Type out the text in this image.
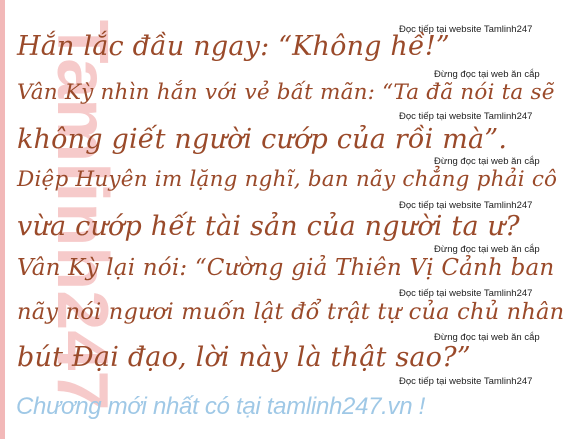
Tamlinh247	Đọc tiếp tại website Tamlinh247
Đừng đọc tại web ăn cắp
Đọc tiếp tại website Tamlinh247
Đừng đọc tại web ăn cắp
Đọc tiếp tại website Tamlinh247
Đừng đọc tại web ăn cắp
Đọc tiếp tại website Tamlinh247
Đừng đọc tại web ăn cắp
Đọc tiếp tại website Tamlinh247
Hắn lắc đầu ngay: “Không hề!”
Vân Kỳ nhìn hắn với vẻ bất mãn: “Ta đã nói ta sẽ
không giết người cướp của rồi mà”.
Diệp Huyên im lặng nghĩ, ban nãy chẳng phải cô
vừa cướp hết tài sản của người ta ư?
Vân Kỳ lại nói: “Cường giả Thiên Vị Cảnh ban
nãy nói ngươi muốn lật đổ trật tự của chủ nhân
bút Đại đạo, lời này là thật sao?”
Chương mới nhất có tại tamlinh247.vn !
